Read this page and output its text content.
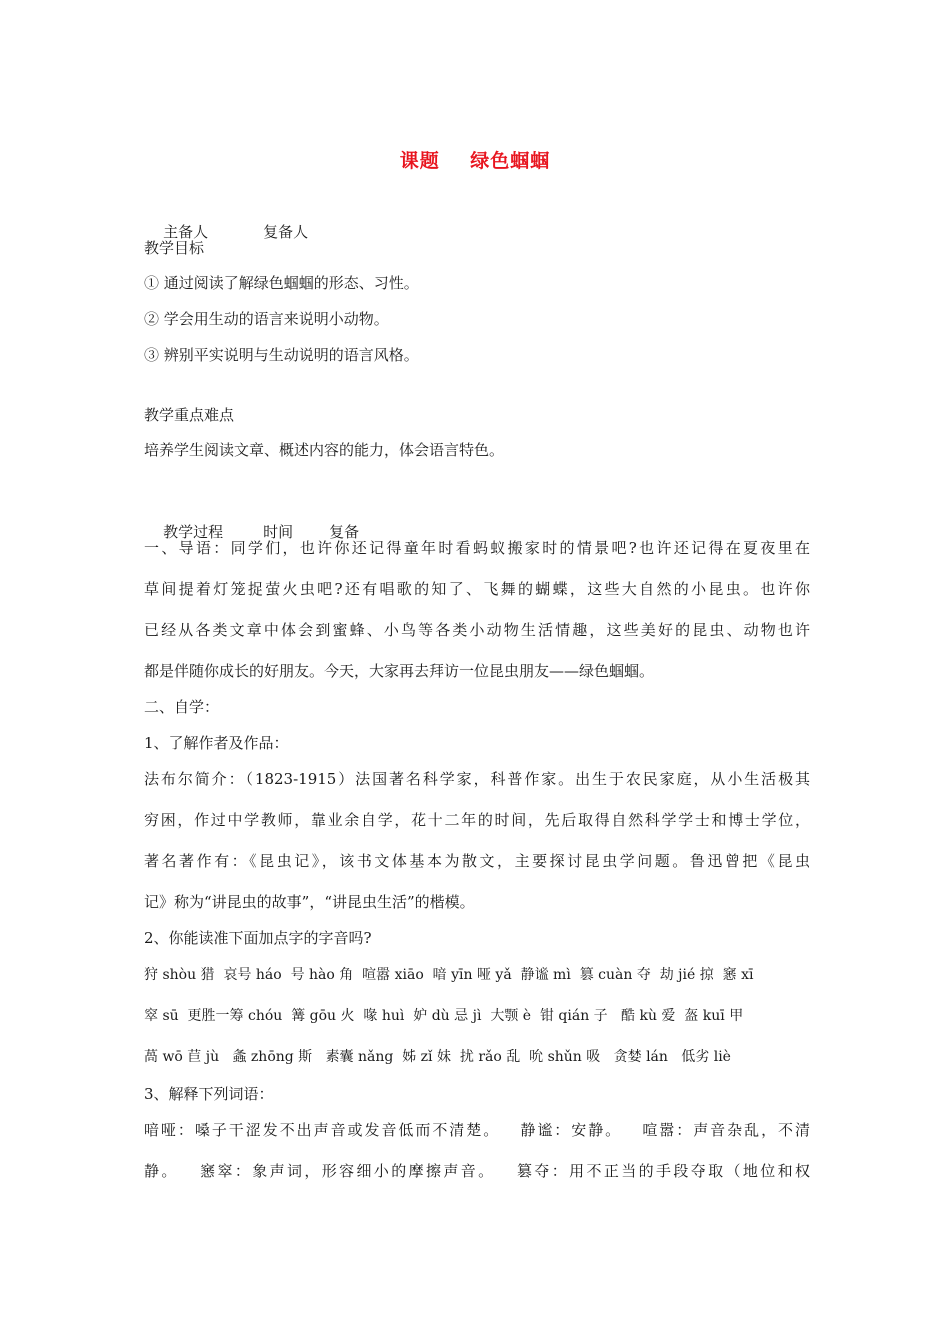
课题    绿色蝈蝈

主备人	复备人

教学目标
① 通过阅读了解绿色蝈蝈的形态、习性。
② 学会用生动的语言来说明小动物。
③ 辨别平实说明与生动说明的语言风格。
教学重点难点
培养学生阅读文章、概述内容的能力，体会语言特色。

教学过程	时间 复备

一、导语：同学们，也许你还记得童年时看蚂蚁搬家时的情景吧?也许还记得在夏夜里在
草间提着灯笼捉萤火虫吧?还有唱歌的知了、飞舞的蝴蝶，这些大自然的小昆虫。也许你
已经从各类文章中体会到蜜蜂、小鸟等各类小动物生活情趣，这些美好的昆虫、动物也许
都是伴随你成长的好朋友。今天，大家再去拜访一位昆虫朋友——绿色蝈蝈。
二、自学：
1、了解作者及作品：
法布尔简介：（1823-1915）法国著名科学家，科普作家。出生于农民家庭，从小生活极其
穷困，作过中学教师，靠业余自学，花十二年的时间，先后取得自然科学学士和博士学位，
著名著作有：《昆虫记》，该书文体基本为散文，主要探讨昆虫学问题。鲁迅曾把《昆虫
记》称为“讲昆虫的故事”，“讲昆虫生活”的楷模。
2、你能读准下面加点字的字音吗?
狩 shòu 猎  哀号 háo  号 hào 角  喧嚣 xiāo  喑 yīn 哑 yǎ  静谧 mì  篡 cuàn 夺  劫 jié 掠  窸 xī
窣 sū  更胜一筹 chóu  篝 gōu 火  喙 huì  妒 dù 忌 jì  大颚 è  钳 qián 子   酷 kù 爱  盔 kuī 甲
萵 wō 苣 jù   螽 zhōng 斯   素囊 nǎng  姊 zǐ 妹  扰 rǎo 乱  吮 shǔn 吸   贪婪 lán   低劣 liè
3、解释下列词语：
喑哑：嗓子干涩发不出声音或发音低而不清楚。   静谧：安静。   喧嚣：声音杂乱，不清
静。   窸窣：象声词，形容细小的摩擦声音。   篡夺：用不正当的手段夺取（地位和权
